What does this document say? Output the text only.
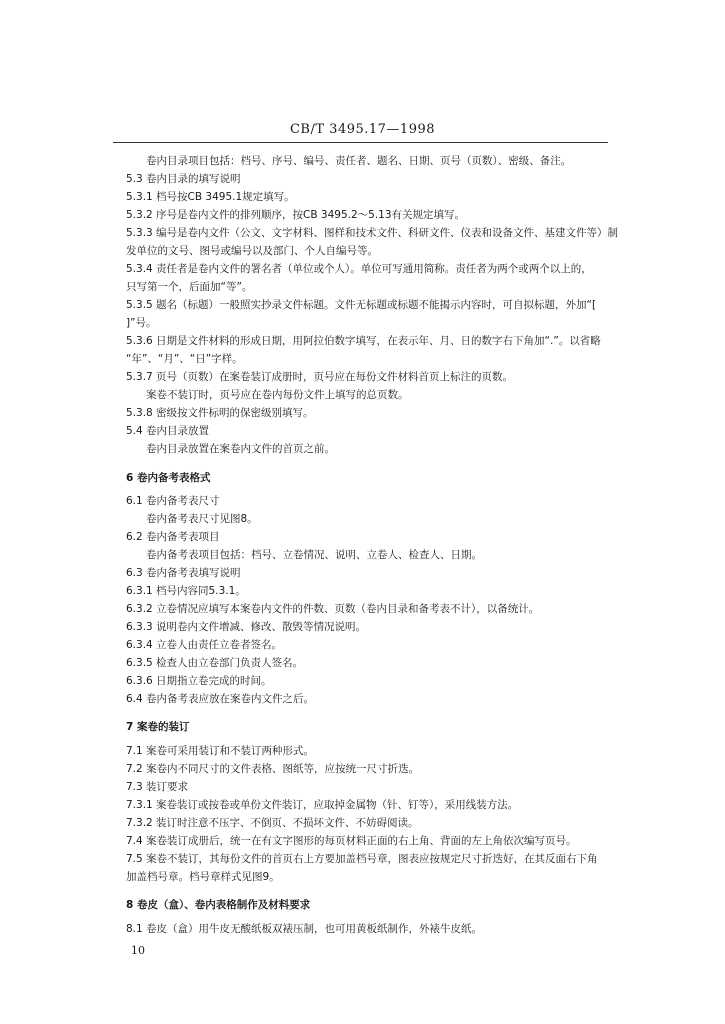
CB/T 3495.17—1998
卷内目录项目包括：档号、序号、编号、责任者、题名、日期、页号（页数）、密级、备注。
5.3 卷内目录的填写说明
5.3.1 档号按CB 3495.1规定填写。
5.3.2 序号是卷内文件的排列顺序，按CB 3495.2～5.13有关规定填写。
5.3.3 编号是卷内文件（公文、文字材料、图样和技术文件、科研文件、仪表和设备文件、基建文件等）制
发单位的文号、图号或编号以及部门、个人自编号等。
5.3.4 责任者是卷内文件的署名者（单位或个人）。单位可写通用简称。责任者为两个或两个以上的，
只写第一个，后面加“等”。
5.3.5 题名（标题）一般照实抄录文件标题。文件无标题或标题不能揭示内容时，可自拟标题，外加“[
]”号。
5.3.6 日期是文件材料的形成日期，用阿拉伯数字填写，在表示年、月、日的数字右下角加“.”。以省略
“年”、“月”、“日”字样。
5.3.7 页号（页数）在案卷装订成册时，页号应在每份文件材料首页上标注的页数。
案卷不装订时，页号应在卷内每份文件上填写的总页数。
5.3.8 密级按文件标明的保密级别填写。
5.4 卷内目录放置
卷内目录放置在案卷内文件的首页之前。
6 卷内备考表格式
6.1 卷内备考表尺寸
卷内备考表尺寸见图8。
6.2 卷内备考表项目
卷内备考表项目包括：档号、立卷情况、说明、立卷人、检查人、日期。
6.3 卷内备考表填写说明
6.3.1 档号内容同5.3.1。
6.3.2 立卷情况应填写本案卷内文件的件数、页数（卷内目录和备考表不计），以备统计。
6.3.3 说明卷内文件增减、修改、散毁等情况说明。
6.3.4 立卷人由责任立卷者签名。
6.3.5 检查人由立卷部门负责人签名。
6.3.6 日期指立卷完成的时间。
6.4 卷内备考表应放在案卷内文件之后。
7 案卷的装订
7.1 案卷可采用装订和不装订两种形式。
7.2 案卷内不同尺寸的文件表格、图纸等，应按统一尺寸折迭。
7.3 装订要求
7.3.1 案卷装订或按卷或单份文件装订，应取掉金属物（针、钉等），采用线装方法。
7.3.2 装订时注意不压字、不倒页、不损坏文件、不妨碍阅读。
7.4 案卷装订成册后，统一在有文字图形的每页材料正面的右上角、背面的左上角依次编写页号。
7.5 案卷不装订，其每份文件的首页右上方要加盖档号章，图表应按规定尺寸折迭好，在其反面右下角
加盖档号章。档号章样式见图9。
8 卷皮（盒）、卷内表格制作及材料要求
8.1 卷皮（盒）用牛皮无酸纸板双裱压制，也可用黄板纸制作，外裱牛皮纸。
10
